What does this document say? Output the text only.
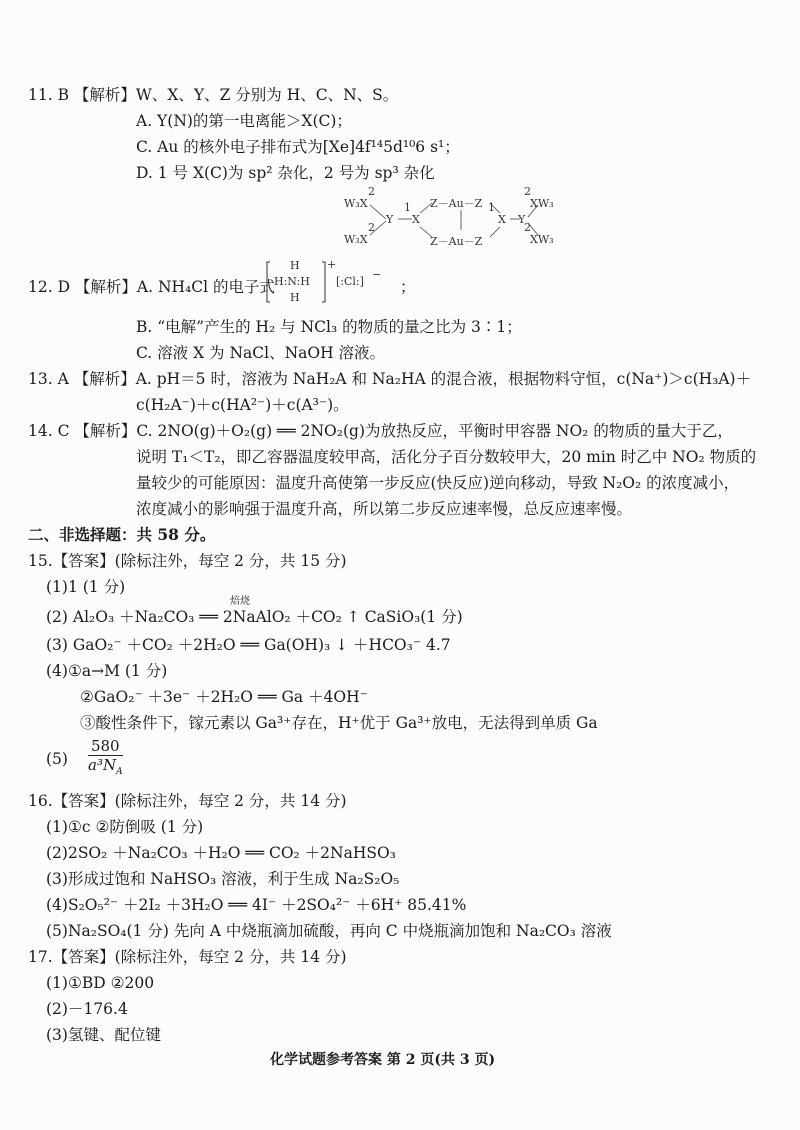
11. B 【解析】W、X、Y、Z 分别为 H、C、N、S。
A. Y(N)的第一电离能＞X(C)；
C. Au 的核外电子排布式为[Xe]4f¹⁴5d¹⁰6 s¹；
D. 1 号 X(C)为 sp² 杂化，2 号为 sp³ 杂化
W₃X
W₃X
2
2
Y X
1 Z－Au－Z
Z－Au－Z
1
X Y
2
2
XW₃
XW₃
12. D 【解析】A. NH₄Cl 的电子式
H
H:N:H
H
+
[:Cl:]
−
；
B. “电解”产生的 H₂ 与 NCl₃ 的物质的量之比为 3∶1；
C. 溶液 X 为 NaCl、NaOH 溶液。
13. A 【解析】A. pH＝5 时，溶液为 NaH₂A 和 Na₂HA 的混合液，根据物料守恒，c(Na⁺)＞c(H₃A)＋
c(H₂A⁻)＋c(HA²⁻)＋c(A³⁻)。
14. C 【解析】C. 2NO(g)＋O₂(g) ══ 2NO₂(g)为放热反应，平衡时甲容器 NO₂ 的物质的量大于乙，
说明 T₁＜T₂，即乙容器温度较甲高，活化分子百分数较甲大，20 min 时乙中 NO₂ 物质的
量较少的可能原因：温度升高使第一步反应(快反应)逆向移动，导致 N₂O₂ 的浓度减小，
浓度减小的影响强于温度升高，所以第二步反应速率慢，总反应速率慢。
二、非选择题：共 58 分。
15.【答案】(除标注外，每空 2 分，共 15 分)
(1)1 (1 分)
(2) Al₂O₃ ＋Na₂CO₃ ══ 2NaAlO₂ ＋CO₂ ↑ CaSiO₃(1 分)
焙烧
(3) GaO₂⁻ ＋CO₂ ＋2H₂O ══ Ga(OH)₃ ↓ ＋HCO₃⁻ 4.7
(4)①a→M (1 分)
②GaO₂⁻ ＋3e⁻ ＋2H₂O ══ Ga ＋4OH⁻
③酸性条件下，镓元素以 Ga³⁺存在，H⁺优于 Ga³⁺放电，无法得到单质 Ga
$(5) \frac{580}{a^3N_A}$
16.【答案】(除标注外，每空 2 分，共 14 分)
(1)①c ②防倒吸 (1 分)
(2)2SO₂ ＋Na₂CO₃ ＋H₂O ══ CO₂ ＋2NaHSO₃
(3)形成过饱和 NaHSO₃ 溶液，利于生成 Na₂S₂O₅
(4)S₂O₅²⁻ ＋2I₂ ＋3H₂O ══ 4I⁻ ＋2SO₄²⁻ ＋6H⁺ 85.41%
(5)Na₂SO₄(1 分) 先向 A 中烧瓶滴加硫酸，再向 C 中烧瓶滴加饱和 Na₂CO₃ 溶液
17.【答案】(除标注外，每空 2 分，共 14 分)
(1)①BD ②200
(2)－176.4
(3)氢键、配位键
化学试题参考答案 第 2 页(共 3 页)
